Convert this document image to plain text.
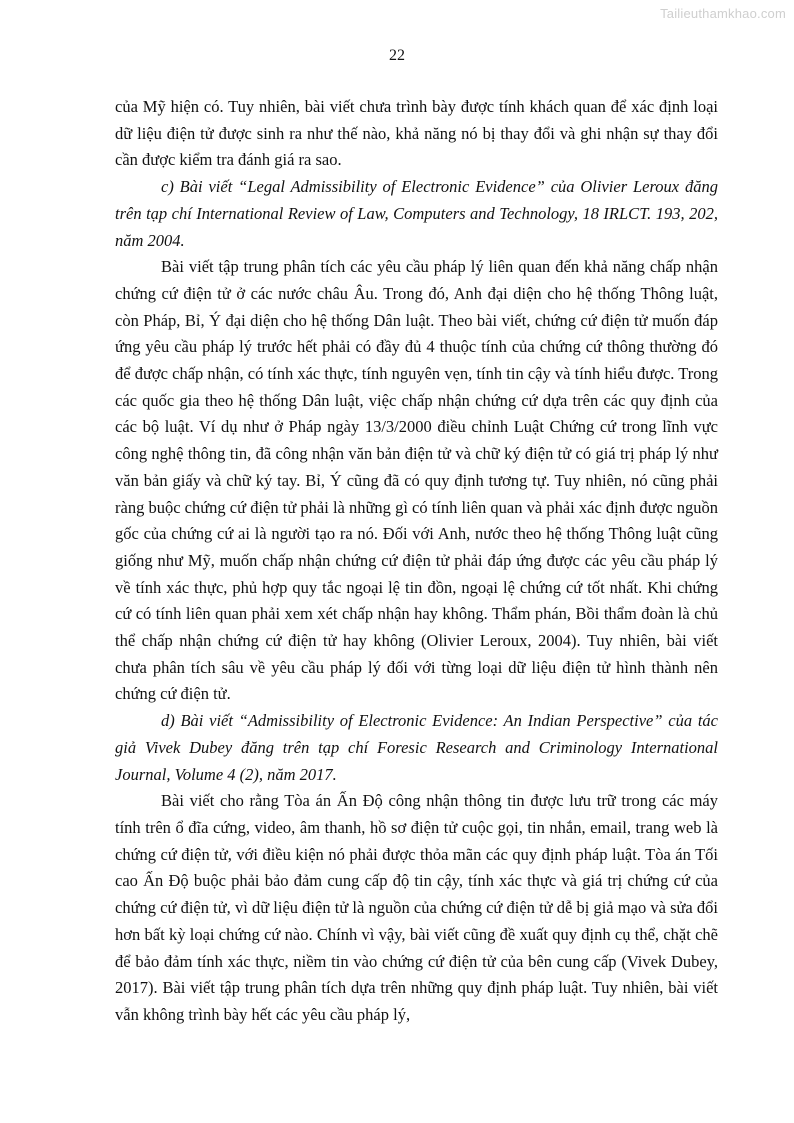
Tailieuthamkhao.com
22

của Mỹ hiện có. Tuy nhiên, bài viết chưa trình bày được tính khách quan để xác định loại dữ liệu điện tử được sinh ra như thế nào, khả năng nó bị thay đổi và ghi nhận sự thay đổi cần được kiểm tra đánh giá ra sao.

c) Bài viết “Legal Admissibility of Electronic Evidence” của Olivier Leroux đăng trên tạp chí International Review of Law, Computers and Technology, 18 IRLCT. 193, 202, năm 2004.

Bài viết tập trung phân tích các yêu cầu pháp lý liên quan đến khả năng chấp nhận chứng cứ điện tử ở các nước châu Âu. Trong đó, Anh đại diện cho hệ thống Thông luật, còn Pháp, Bỉ, Ý đại diện cho hệ thống Dân luật. Theo bài viết, chứng cứ điện tử muốn đáp ứng yêu cầu pháp lý trước hết phải có đầy đủ 4 thuộc tính của chứng cứ thông thường đó để được chấp nhận, có tính xác thực, tính nguyên vẹn, tính tin cậy và tính hiểu được. Trong các quốc gia theo hệ thống Dân luật, việc chấp nhận chứng cứ dựa trên các quy định của các bộ luật. Ví dụ như ở Pháp ngày 13/3/2000 điều chỉnh Luật Chứng cứ trong lĩnh vực công nghệ thông tin, đã công nhận văn bản điện tử và chữ ký điện tử có giá trị pháp lý như văn bản giấy và chữ ký tay. Bỉ, Ý cũng đã có quy định tương tự. Tuy nhiên, nó cũng phải ràng buộc chứng cứ điện tử phải là những gì có tính liên quan và phải xác định được nguồn gốc của chứng cứ ai là người tạo ra nó. Đối với Anh, nước theo hệ thống Thông luật cũng giống như Mỹ, muốn chấp nhận chứng cứ điện tử phải đáp ứng được các yêu cầu pháp lý về tính xác thực, phủ hợp quy tắc ngoại lệ tin đồn, ngoại lệ chứng cứ tốt nhất. Khi chứng cứ có tính liên quan phải xem xét chấp nhận hay không. Thẩm phán, Bồi thẩm đoàn là chủ thể chấp nhận chứng cứ điện tử hay không (Olivier Leroux, 2004). Tuy nhiên, bài viết chưa phân tích sâu về yêu cầu pháp lý đối với từng loại dữ liệu điện tử hình thành nên chứng cứ điện tử.

d) Bài viết “Admissibility of Electronic Evidence: An Indian Perspective” của tác giả Vivek Dubey đăng trên tạp chí Foresic Research and Criminology International Journal, Volume 4 (2), năm 2017.

Bài viết cho rằng Tòa án Ấn Độ công nhận thông tin được lưu trữ trong các máy tính trên ổ đĩa cứng, video, âm thanh, hồ sơ điện tử cuộc gọi, tin nhắn, email, trang web là chứng cứ điện tử, với điều kiện nó phải được thỏa mãn các quy định pháp luật. Tòa án Tối cao Ấn Độ buộc phải bảo đảm cung cấp độ tin cậy, tính xác thực và giá trị chứng cứ của chứng cứ điện tử, vì dữ liệu điện tử là nguồn của chứng cứ điện tử dễ bị giả mạo và sửa đổi hơn bất kỳ loại chứng cứ nào. Chính vì vậy, bài viết cũng đề xuất quy định cụ thể, chặt chẽ để bảo đảm tính xác thực, niềm tin vào chứng cứ điện tử của bên cung cấp (Vivek Dubey, 2017). Bài viết tập trung phân tích dựa trên những quy định pháp luật. Tuy nhiên, bài viết vẫn không trình bày hết các yêu cầu pháp lý,
